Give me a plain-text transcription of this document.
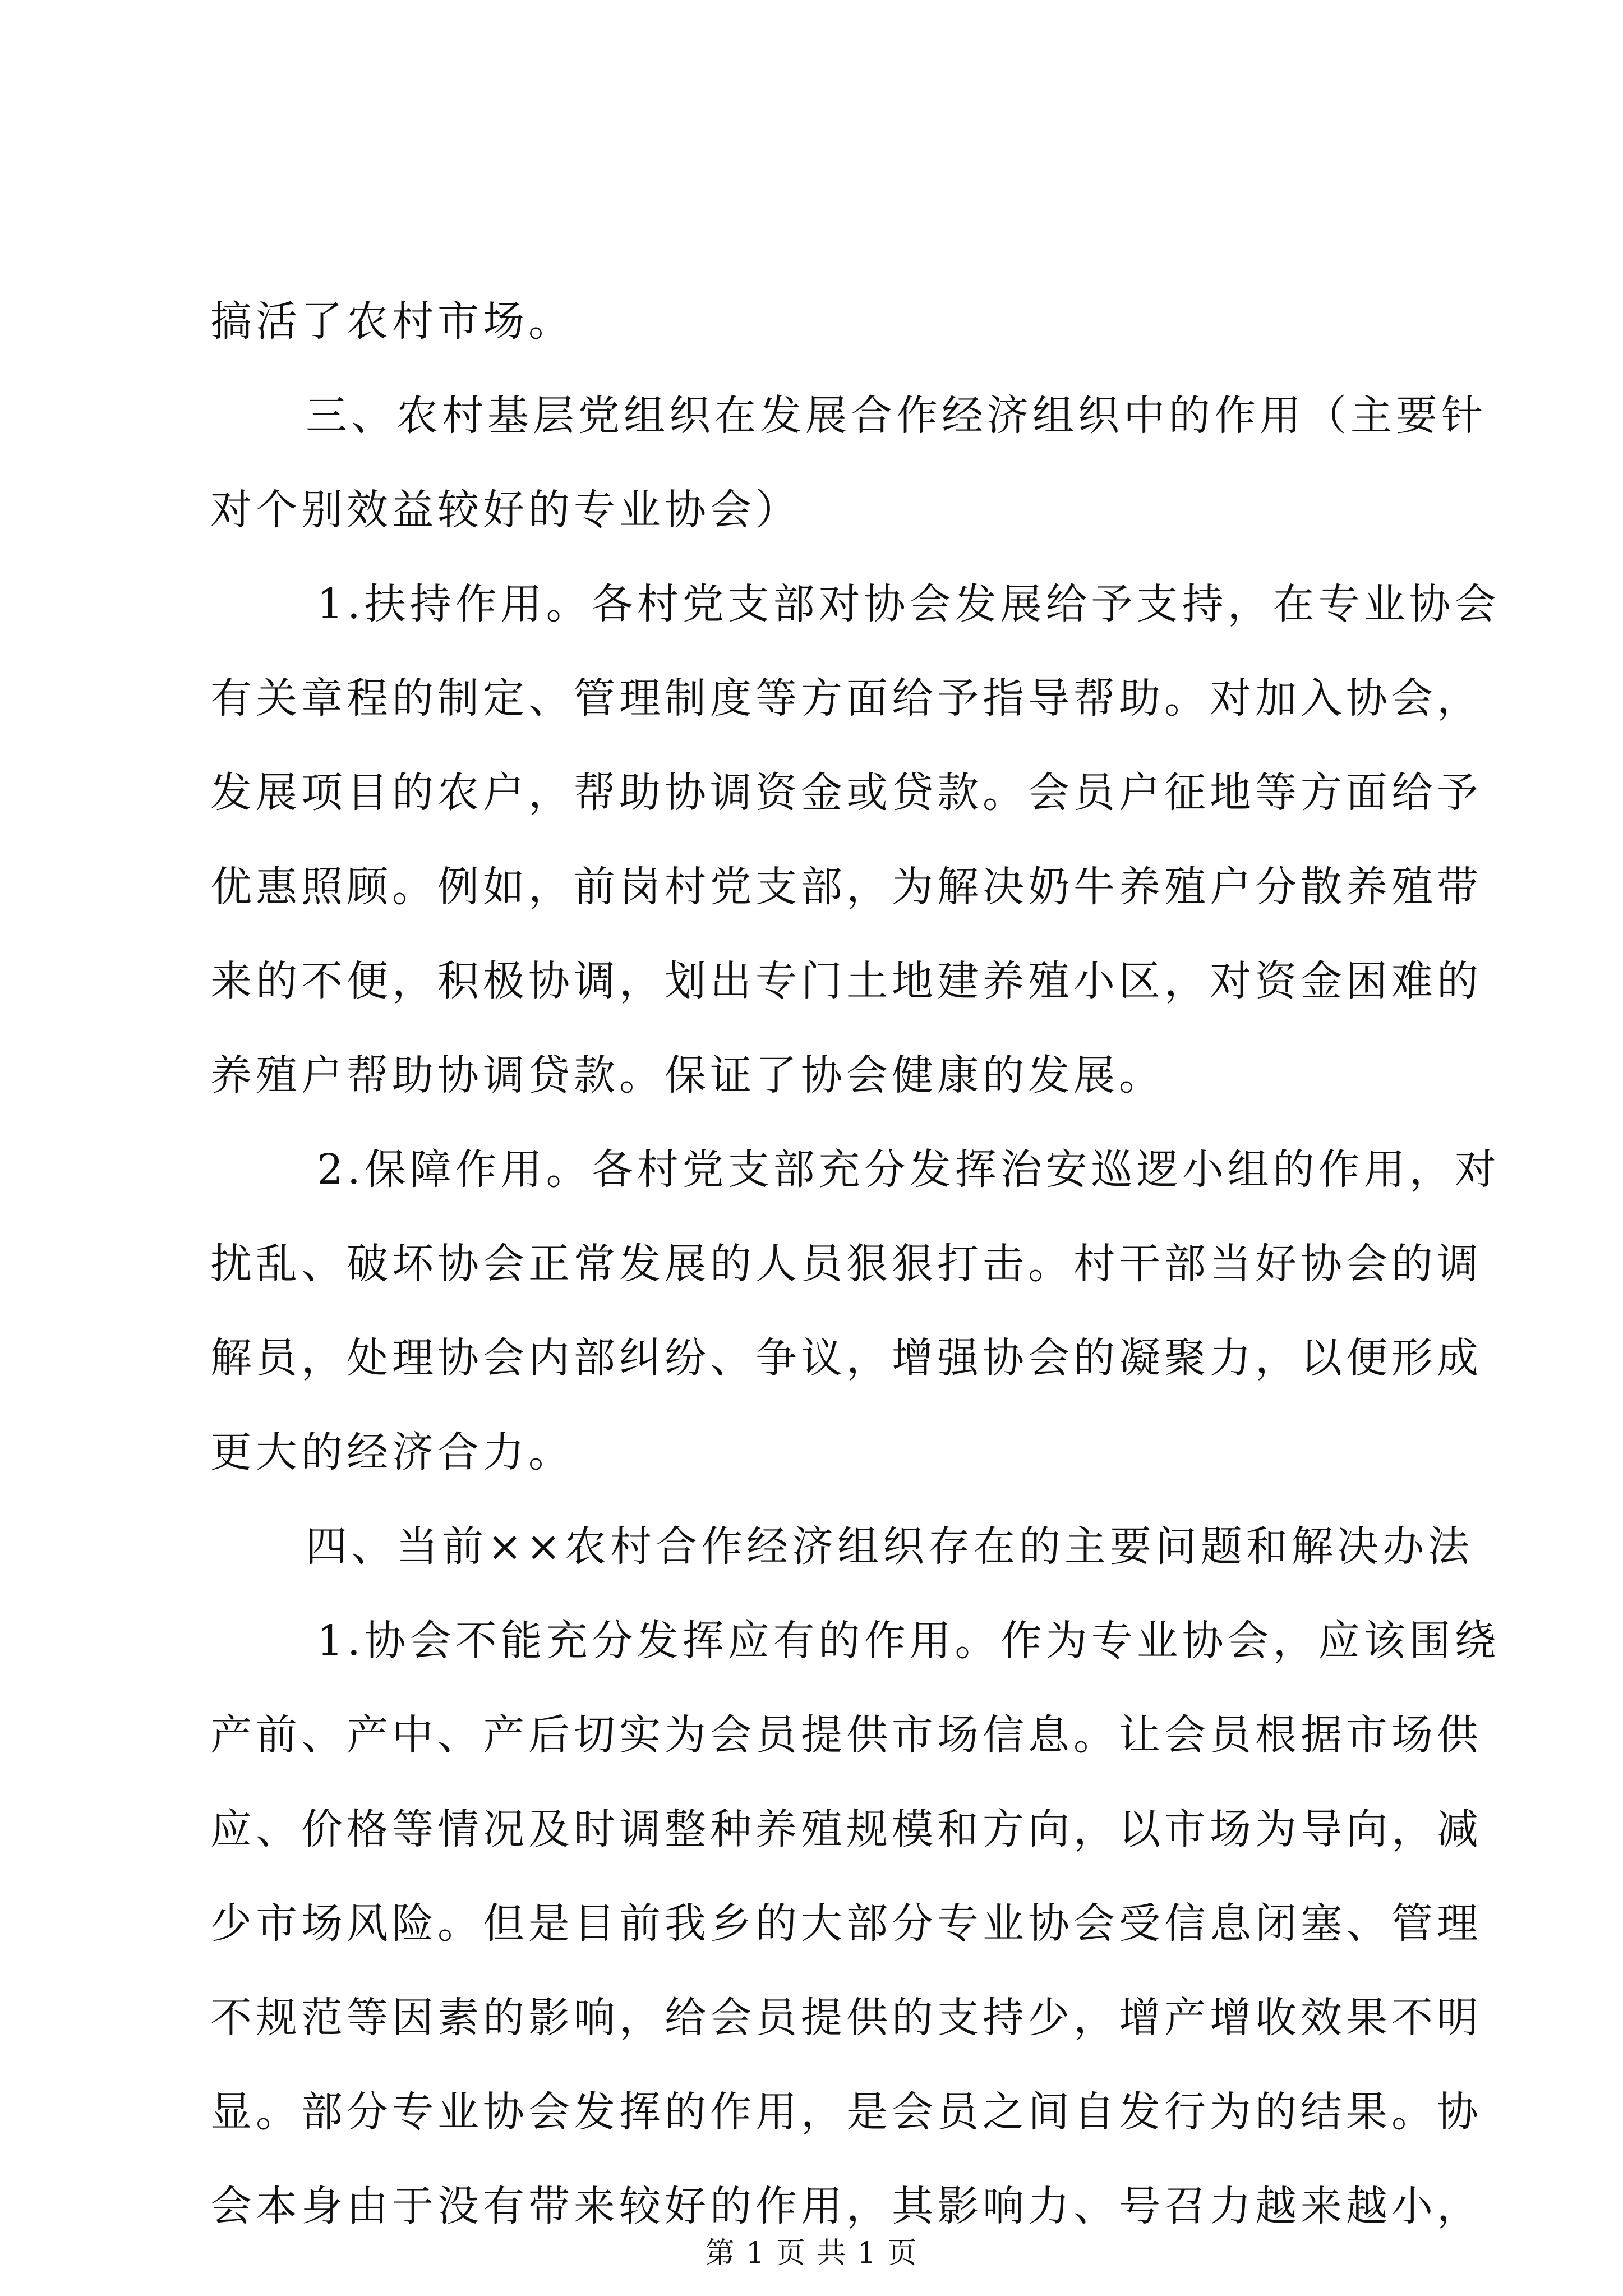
搞活了农村市场。
三、农村基层党组织在发展合作经济组织中的作用（主要针
对个别效益较好的专业协会）
1.扶持作用。各村党支部对协会发展给予支持，在专业协会
有关章程的制定、管理制度等方面给予指导帮助。对加入协会，
发展项目的农户，帮助协调资金或贷款。会员户征地等方面给予
优惠照顾。例如，前岗村党支部，为解决奶牛养殖户分散养殖带
来的不便，积极协调，划出专门土地建养殖小区，对资金困难的
养殖户帮助协调贷款。保证了协会健康的发展。
2.保障作用。各村党支部充分发挥治安巡逻小组的作用，对
扰乱、破坏协会正常发展的人员狠狠打击。村干部当好协会的调
解员，处理协会内部纠纷、争议，增强协会的凝聚力，以便形成
更大的经济合力。
四、当前××农村合作经济组织存在的主要问题和解决办法
1.协会不能充分发挥应有的作用。作为专业协会，应该围绕
产前、产中、产后切实为会员提供市场信息。让会员根据市场供
应、价格等情况及时调整种养殖规模和方向，以市场为导向，减
少市场风险。但是目前我乡的大部分专业协会受信息闭塞、管理
不规范等因素的影响，给会员提供的支持少，增产增收效果不明
显。部分专业协会发挥的作用，是会员之间自发行为的结果。协
会本身由于没有带来较好的作用，其影响力、号召力越来越小，
第 1 页 共 1 页
